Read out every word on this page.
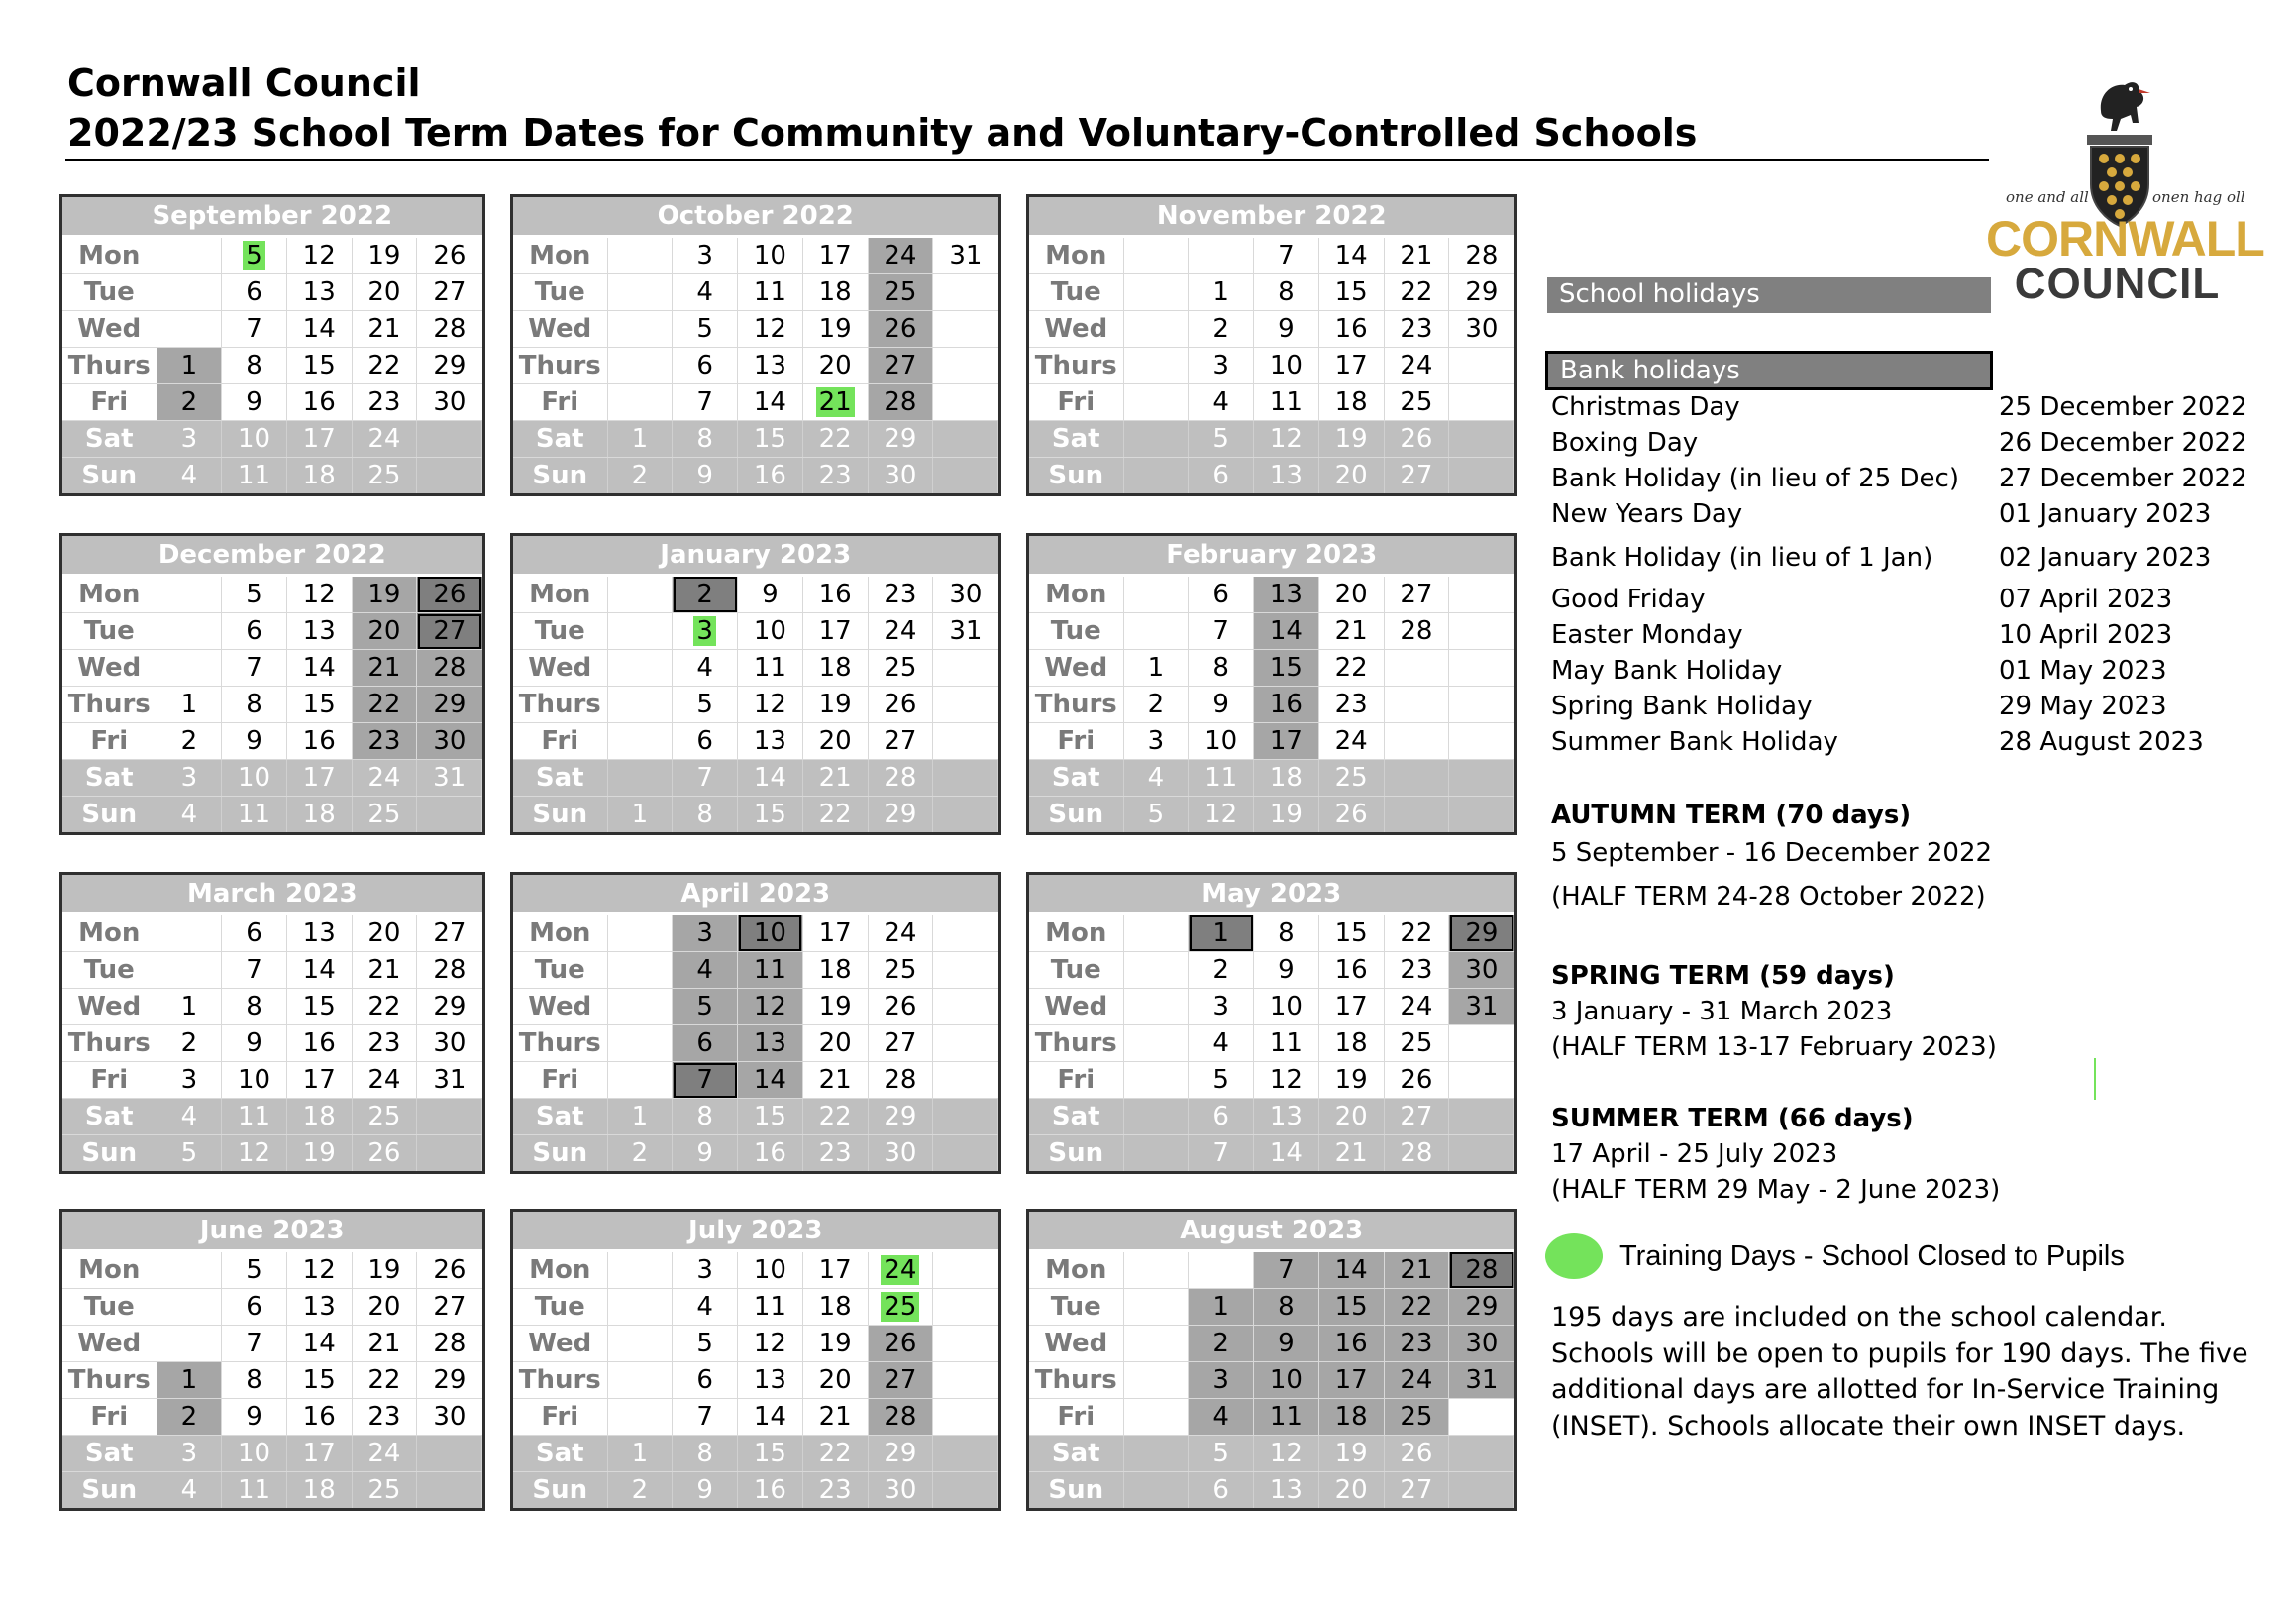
Cornwall Council
2022/23 School Term Dates for Community and Voluntary-Controlled Schools
one and all	onen hag oll
CORNWALL
COUNCIL
September 2022					
Mon		5	12	19	26
Tue		6	13	20	27
Wed		7	14	21	28
Thurs	1	8	15	22	29
Fri	2	9	16	23	30
Sat	3	10	17	24	
Sun	4	11	18	25	
October 2022						
Mon		3	10	17	24	31
Tue		4	11	18	25	
Wed		5	12	19	26	
Thurs		6	13	20	27	
Fri		7	14	21	28	
Sat	1	8	15	22	29	
Sun	2	9	16	23	30	
November 2022						
Mon			7	14	21	28
Tue		1	8	15	22	29
Wed		2	9	16	23	30
Thurs		3	10	17	24	
Fri		4	11	18	25	
Sat		5	12	19	26	
Sun		6	13	20	27	
December 2022					
Mon		5	12	19	26
Tue		6	13	20	27
Wed		7	14	21	28
Thurs	1	8	15	22	29
Fri	2	9	16	23	30
Sat	3	10	17	24	31
Sun	4	11	18	25	
January 2023						
Mon		2	9	16	23	30
Tue		3	10	17	24	31
Wed		4	11	18	25	
Thurs		5	12	19	26	
Fri		6	13	20	27	
Sat		7	14	21	28	
Sun	1	8	15	22	29	
February 2023						
Mon		6	13	20	27	
Tue		7	14	21	28	
Wed	1	8	15	22		
Thurs	2	9	16	23		
Fri	3	10	17	24		
Sat	4	11	18	25		
Sun	5	12	19	26		
March 2023					
Mon		6	13	20	27
Tue		7	14	21	28
Wed	1	8	15	22	29
Thurs	2	9	16	23	30
Fri	3	10	17	24	31
Sat	4	11	18	25	
Sun	5	12	19	26	
April 2023						
Mon		3	10	17	24	
Tue		4	11	18	25	
Wed		5	12	19	26	
Thurs		6	13	20	27	
Fri		7	14	21	28	
Sat	1	8	15	22	29	
Sun	2	9	16	23	30	
May 2023						
Mon		1	8	15	22	29
Tue		2	9	16	23	30
Wed		3	10	17	24	31
Thurs		4	11	18	25	
Fri		5	12	19	26	
Sat		6	13	20	27	
Sun		7	14	21	28	
June 2023					
Mon		5	12	19	26
Tue		6	13	20	27
Wed		7	14	21	28
Thurs	1	8	15	22	29
Fri	2	9	16	23	30
Sat	3	10	17	24	
Sun	4	11	18	25	
July 2023						
Mon		3	10	17	24	
Tue		4	11	18	25	
Wed		5	12	19	26	
Thurs		6	13	20	27	
Fri		7	14	21	28	
Sat	1	8	15	22	29	
Sun	2	9	16	23	30	
August 2023						
Mon			7	14	21	28
Tue		1	8	15	22	29
Wed		2	9	16	23	30
Thurs		3	10	17	24	31
Fri		4	11	18	25	
Sat		5	12	19	26	
Sun		6	13	20	27	
School holidays
Bank holidays
Christmas Day	25 December 2022
Boxing Day	26 December 2022
Bank Holiday (in lieu of 25 Dec) 27 December 2022
New Years Day	01 January 2023
Bank Holiday (in lieu of 1 Jan)	02 January 2023
Good Friday	07 April 2023
Easter Monday	10 April 2023
May Bank Holiday	01 May 2023
Spring Bank Holiday	29 May 2023
Summer Bank Holiday	28 August 2023
AUTUMN TERM (70 days)
5 September - 16 December 2022
(HALF TERM 24-28 October 2022)
SPRING TERM (59 days)
3 January - 31 March 2023
(HALF TERM 13-17 February 2023)
SUMMER TERM (66 days)
17 April - 25 July 2023
(HALF TERM 29 May - 2 June 2023)
Training Days - School Closed to Pupils
195 days are included on the school calendar. Schools will be open to pupils for 190 days. The five additional days are allotted for In-Service Training (INSET). Schools allocate their own INSET days.
